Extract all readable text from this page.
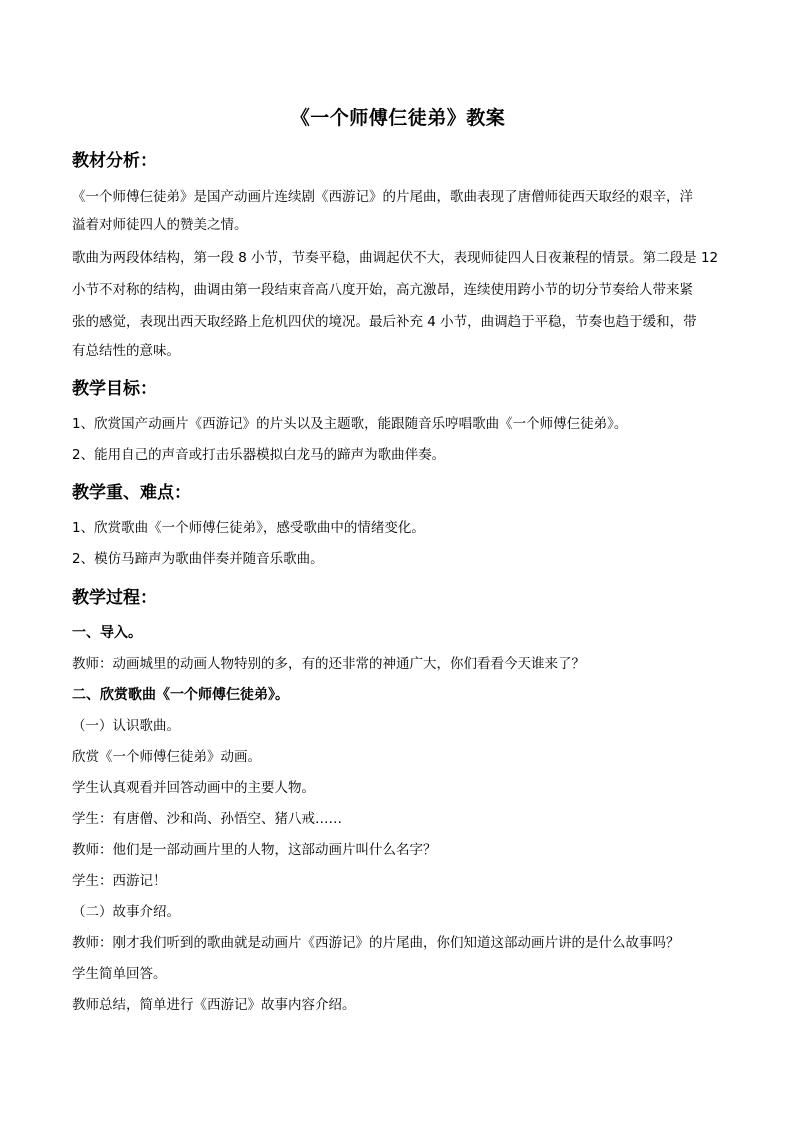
《一个师傅仨徒弟》教案
教材分析：
《一个师傅仨徒弟》是国产动画片连续剧《西游记》的片尾曲，歌曲表现了唐僧师徒西天取经的艰辛，洋
溢着对师徒四人的赞美之情。
歌曲为两段体结构，第一段 8 小节，节奏平稳，曲调起伏不大，表现师徒四人日夜兼程的情景。第二段是 12
小节不对称的结构，曲调由第一段结束音高八度开始，高亢激昂，连续使用跨小节的切分节奏给人带来紧
张的感觉，表现出西天取经路上危机四伏的境况。最后补充 4 小节，曲调趋于平稳，节奏也趋于缓和，带
有总结性的意味。
教学目标：
1、欣赏国产动画片《西游记》的片头以及主题歌，能跟随音乐哼唱歌曲《一个师傅仨徒弟》。
2、能用自己的声音或打击乐器模拟白龙马的蹄声为歌曲伴奏。
教学重、难点：
1、欣赏歌曲《一个师傅仨徒弟》，感受歌曲中的情绪变化。
2、模仿马蹄声为歌曲伴奏并随音乐歌曲。
教学过程：
一、导入。
教师：动画城里的动画人物特别的多，有的还非常的神通广大，你们看看今天谁来了？
二、欣赏歌曲《一个师傅仨徒弟》。
（一）认识歌曲。
欣赏《一个师傅仨徒弟》动画。
学生认真观看并回答动画中的主要人物。
学生：有唐僧、沙和尚、孙悟空、猪八戒……
教师：他们是一部动画片里的人物，这部动画片叫什么名字？
学生：西游记！
（二）故事介绍。
教师：刚才我们听到的歌曲就是动画片《西游记》的片尾曲，你们知道这部动画片讲的是什么故事吗？
学生简单回答。
教师总结，简单进行《西游记》故事内容介绍。
